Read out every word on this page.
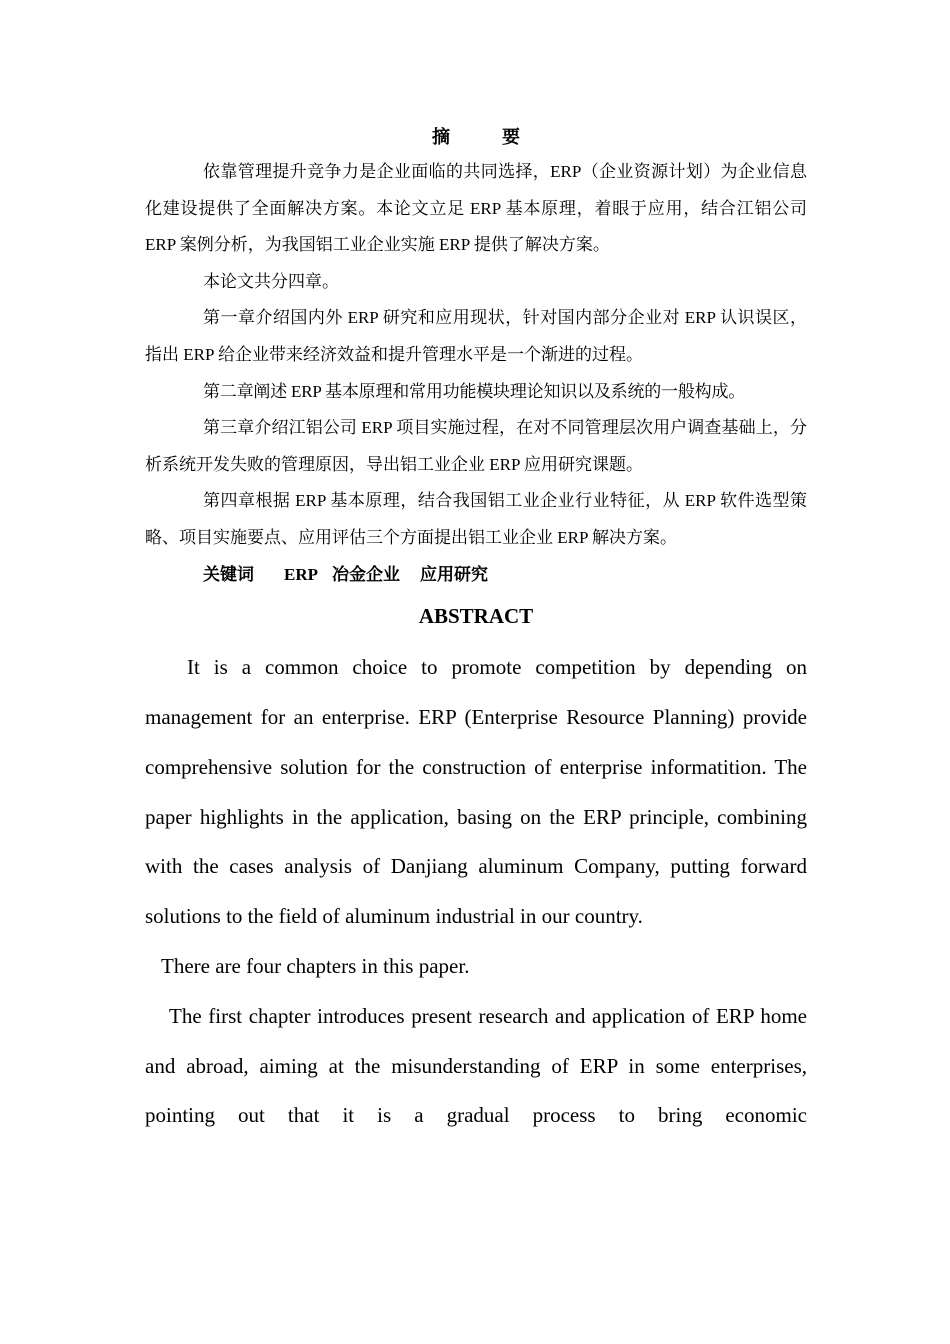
摘	要

依靠管理提升竞争力是企业面临的共同选择，ERP（企业资源计划）为企业信息化建设提供了全面解决方案。本论文立足 ERP 基本原理，着眼于应用，结合江铝公司 ERP 案例分析，为我国铝工业企业实施 ERP 提供了解决方案。

本论文共分四章。

第一章介绍国内外 ERP 研究和应用现状，针对国内部分企业对 ERP 认识误区，指出 ERP 给企业带来经济效益和提升管理水平是一个渐进的过程。

第二章阐述 ERP 基本原理和常用功能模块理论知识以及系统的一般构成。

第三章介绍江铝公司 ERP 项目实施过程，在对不同管理层次用户调查基础上，分析系统开发失败的管理原因，导出铝工业企业 ERP 应用研究课题。

第四章根据 ERP 基本原理，结合我国铝工业企业行业特征，从 ERP 软件选型策略、项目实施要点、应用评估三个方面提出铝工业企业 ERP 解决方案。

关键词 ERP 冶金企业 应用研究

ABSTRACT

It is a common choice to promote competition by depending on management for an enterprise. ERP (Enterprise Resource Planning) provide comprehensive solution for the construction of enterprise informatition. The paper highlights in the application, basing on the ERP principle, combining with the cases analysis of Danjiang aluminum Company, putting forward solutions to the field of aluminum industrial in our country.

There are four chapters in this paper.

The first chapter introduces present research and application of ERP home and abroad, aiming at the misunderstanding of ERP in some enterprises, pointing out that it is a gradual process to bring economic
